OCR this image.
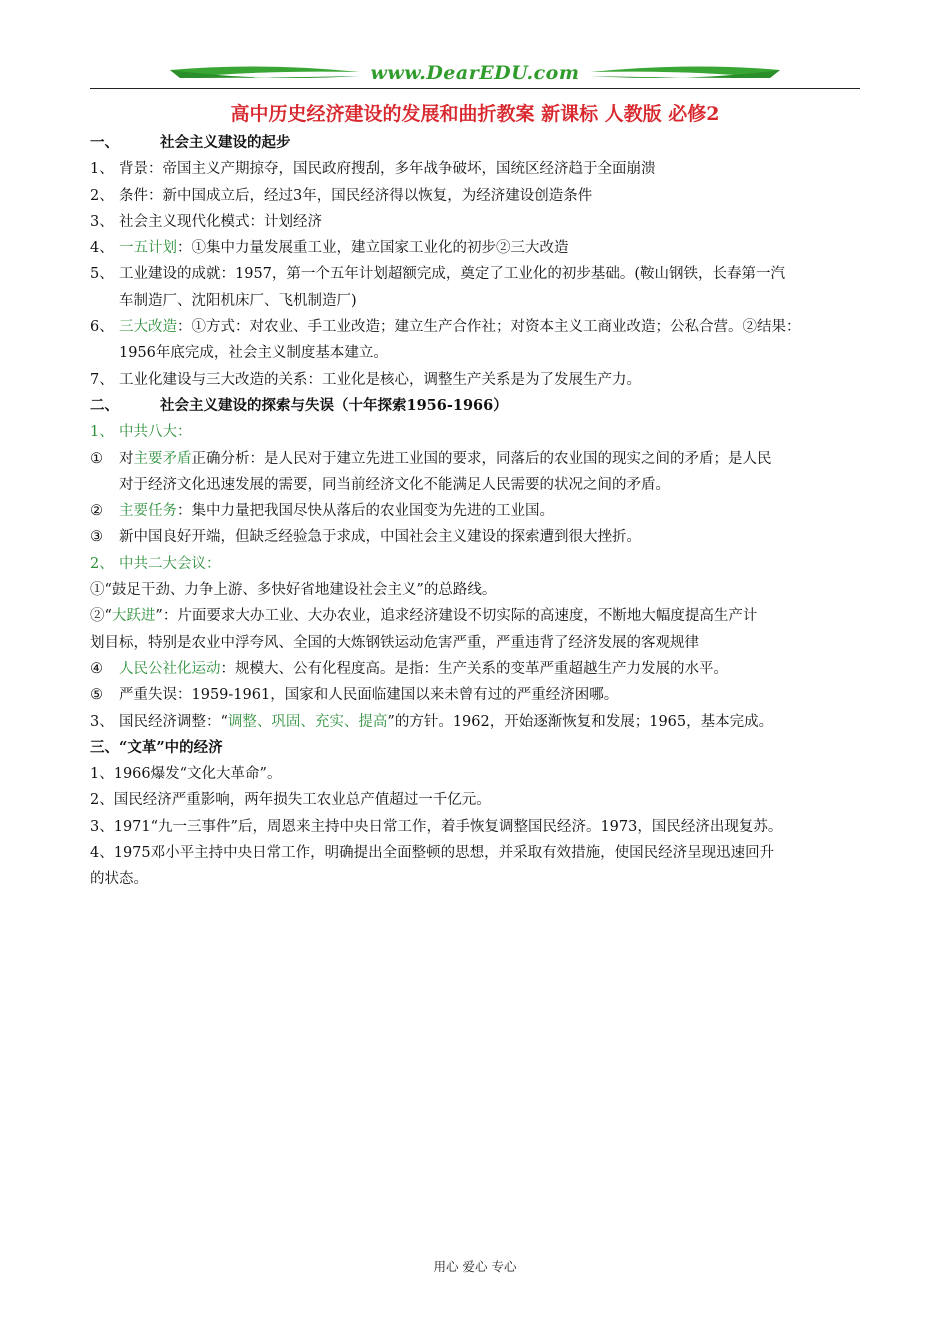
www.DearEDU.com
高中历史经济建设的发展和曲折教案 新课标 人教版 必修2
一、	社会主义建设的起步
1、 背景：帝国主义产期掠夺，国民政府搜刮，多年战争破坏，国统区经济趋于全面崩溃
2、 条件：新中国成立后，经过3年，国民经济得以恢复，为经济建设创造条件
3、 社会主义现代化模式：计划经济
4、 一五计划：①集中力量发展重工业，建立国家工业化的初步②三大改造
5、 工业建设的成就：1957，第一个五年计划超额完成，奠定了工业化的初步基础。(鞍山钢铁，长春第一汽
车制造厂、沈阳机床厂、飞机制造厂)
6、 三大改造：①方式：对农业、手工业改造；建立生产合作社；对资本主义工商业改造；公私合营。②结果：
1956年底完成，社会主义制度基本建立。
7、 工业化建设与三大改造的关系：工业化是核心，调整生产关系是为了发展生产力。
二、	社会主义建设的探索与失误（十年探索1956-1966）
1、 中共八大：
① 对主要矛盾正确分析：是人民对于建立先进工业国的要求，同落后的农业国的现实之间的矛盾；是人民
对于经济文化迅速发展的需要，同当前经济文化不能满足人民需要的状况之间的矛盾。
② 主要任务：集中力量把我国尽快从落后的农业国变为先进的工业国。
③ 新中国良好开端，但缺乏经验急于求成，中国社会主义建设的探索遭到很大挫折。
2、 中共二大会议：
①“鼓足干劲、力争上游、多快好省地建设社会主义”的总路线。
②“大跃进”：片面要求大办工业、大办农业，追求经济建设不切实际的高速度，不断地大幅度提高生产计
划目标，特别是农业中浮夸风、全国的大炼钢铁运动危害严重，严重违背了经济发展的客观规律
④ 人民公社化运动：规模大、公有化程度高。是指：生产关系的变革严重超越生产力发展的水平。
⑤ 严重失误：1959-1961，国家和人民面临建国以来未曾有过的严重经济困哪。
3、 国民经济调整：“调整、巩固、充实、提高”的方针。1962，开始逐渐恢复和发展；1965，基本完成。
三、“文革”中的经济
1、1966爆发“文化大革命”。
2、国民经济严重影响，两年损失工农业总产值超过一千亿元。
3、1971“九一三事件”后，周恩来主持中央日常工作，着手恢复调整国民经济。1973，国民经济出现复苏。
4、1975邓小平主持中央日常工作，明确提出全面整顿的思想，并采取有效措施，使国民经济呈现迅速回升
的状态。
用心 爱心 专心
